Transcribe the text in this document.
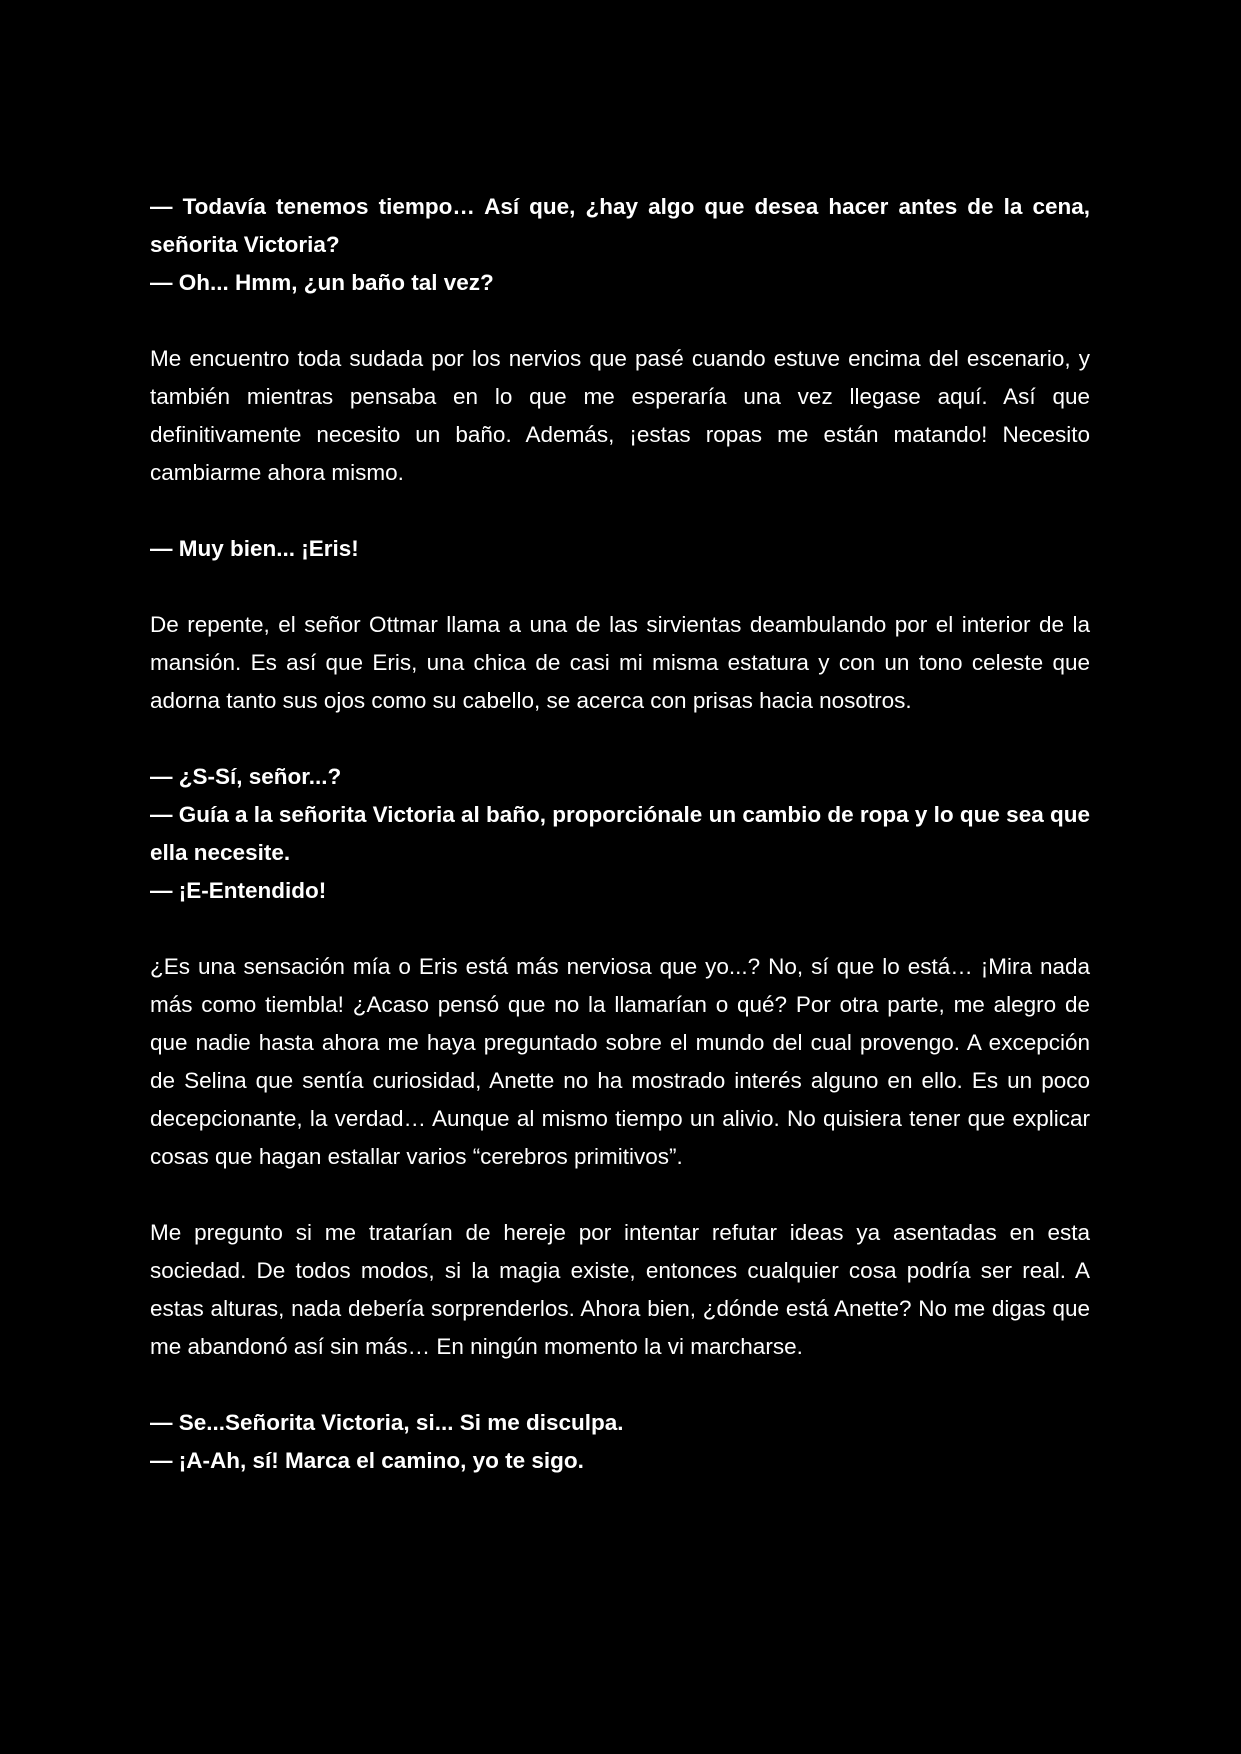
— Todavía tenemos tiempo… Así que, ¿hay algo que desea hacer antes de la cena, señorita Victoria?
— Oh... Hmm, ¿un baño tal vez?

Me encuentro toda sudada por los nervios que pasé cuando estuve encima del escenario, y también mientras pensaba en lo que me esperaría una vez llegase aquí. Así que definitivamente necesito un baño. Además, ¡estas ropas me están matando! Necesito cambiarme ahora mismo.

— Muy bien... ¡Eris!

De repente, el señor Ottmar llama a una de las sirvientas deambulando por el interior de la mansión. Es así que Eris, una chica de casi mi misma estatura y con un tono celeste que adorna tanto sus ojos como su cabello, se acerca con prisas hacia nosotros.

— ¿S-Sí, señor...?
— Guía a la señorita Victoria al baño, proporciónale un cambio de ropa y lo que sea que ella necesite.
— ¡E-Entendido!

¿Es una sensación mía o Eris está más nerviosa que yo...? No, sí que lo está… ¡Mira nada más como tiembla! ¿Acaso pensó que no la llamarían o qué? Por otra parte, me alegro de que nadie hasta ahora me haya preguntado sobre el mundo del cual provengo. A excepción de Selina que sentía curiosidad, Anette no ha mostrado interés alguno en ello. Es un poco decepcionante, la verdad… Aunque al mismo tiempo un alivio. No quisiera tener que explicar cosas que hagan estallar varios “cerebros primitivos”.

Me pregunto si me tratarían de hereje por intentar refutar ideas ya asentadas en esta sociedad. De todos modos, si la magia existe, entonces cualquier cosa podría ser real. A estas alturas, nada debería sorprenderlos. Ahora bien, ¿dónde está Anette? No me digas que me abandonó así sin más… En ningún momento la vi marcharse.

— Se...Señorita Victoria, si... Si me disculpa.
— ¡A-Ah, sí! Marca el camino, yo te sigo.
